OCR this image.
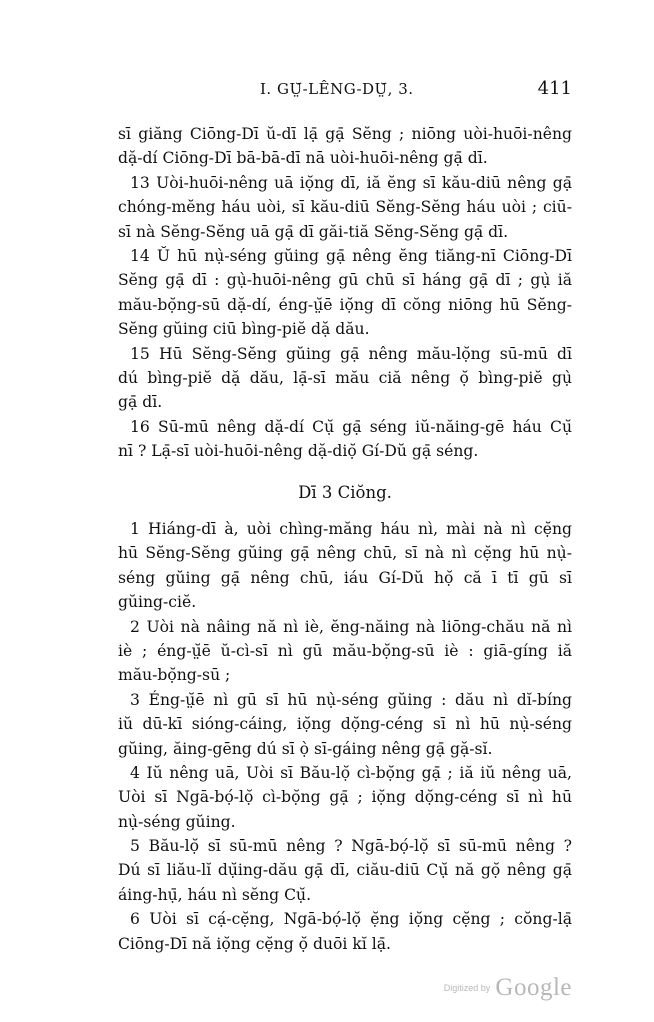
I. GṲ̆-LÊNG-DṲ̆, 3.	411
sī giăng Ciōng-Dī ŭ-dī lạ̄ gạ̄ Sĕng ; niōng uòi-huōi-nêng
dặ-dí Ciōng-Dī bā-bā-dī nā uòi-huōi-nêng gạ̄ dī.
13 Uòi-huōi-nêng uā iọ̆ng dī, iă ĕng sī kău-diū nêng gạ̄
chóng-mĕng háu uòi, sī kău-diū Sĕng-Sĕng háu uòi ; ciū-
sī nà Sĕng-Sĕng uā gạ̄ dī găi-tiă Sĕng-Sĕng gạ̄ dī.
14 Ŭ hū nụ̀-séng gŭing gạ̄ nêng ĕng tiăng-nī Ciōng-Dī
Sĕng gạ̄ dī : gụ̀-huōi-nêng gū chū sī háng gạ̄ dī ; gụ̀ iă
mău-bọ̆ng-sū dặ-dí, éng-ṳ̆ē iọ̆ng dī cŏng niōng hū Sĕng-
Sĕng gŭing ciū bìng-piĕ dặ dău.
15 Hū Sĕng-Sĕng gŭing gạ̄ nêng mău-lọ̆ng sū-mū dī
dú bìng-piĕ dặ dău, lạ̄-sī mău ciă nêng ọ̆ bìng-piĕ gụ̀
gạ̄ dī.
16 Sū-mū nêng dặ-dí Cụ̆ gạ̄ séng iŭ-năing-gē háu Cụ̆
nī ? Lạ̄-sī uòi-huōi-nêng dặ-diọ̆ Gí-Dŭ gạ̄ séng.
Dī 3 Ciŏng.
1 Hiáng-dī à, uòi chìng-măng háu nì, mài nà nì cẹ̆ng
hū Sĕng-Sĕng gŭing gạ̄ nêng chū, sī nà nì cẹ̆ng hū nụ̀-
séng gŭing gạ̄ nêng chū, iáu Gí-Dŭ họ̆ că ī tī gū sī
gŭing-ciĕ.
2 Uòi nà nâing nă nì iè, ĕng-năing nà liōng-chău nă nì
iè ; éng-ṳ̆ē ŭ-cì-sī nì gū mău-bọ̆ng-sū iè : giā-gíng iă
mău-bọ̆ng-sū ;
3 Éng-ṳ̆ē nì gū sī hū nụ̀-séng gŭing : dău nì dĭ-bíng
iŭ dū-kī sióng-cáing, iọ̆ng dọ̆ng-céng sī nì hū nụ̀-séng
gŭing, ăing-gēng dú sī ọ̀ sī-gáing nêng gạ̄ gặ-sĭ.
4 Iŭ nêng uā, Uòi sī Bău-lọ̆ cì-bọ̆ng gạ̄ ; iă iŭ nêng uā,
Uòi sī Ngā-bọ́-lọ̆ cì-bọ̆ng gạ̄ ; iọ̆ng dọ̆ng-céng sī nì hū
nụ̀-séng gŭing.
5 Bău-lọ̆ sī sū-mū nêng ? Ngā-bọ́-lọ̆ sī sū-mū nêng ?
Dú sī liău-lĭ dụ̆ing-dău gạ̄ dī, ciău-diū Cụ̆ nă gọ̆ nêng gạ̄
áing-hụ̄, háu nì sĕng Cụ̆.
6 Uòi sī cạ́-cẹ̆ng, Ngā-bọ́-lọ̆ ẹ̆ng iọ̆ng cẹ̆ng ; cŏng-lạ̄
Ciōng-Dī nă iọ̆ng cẹ̆ng ọ̆ duōi kĭ lạ̄.
Digitized by Google
